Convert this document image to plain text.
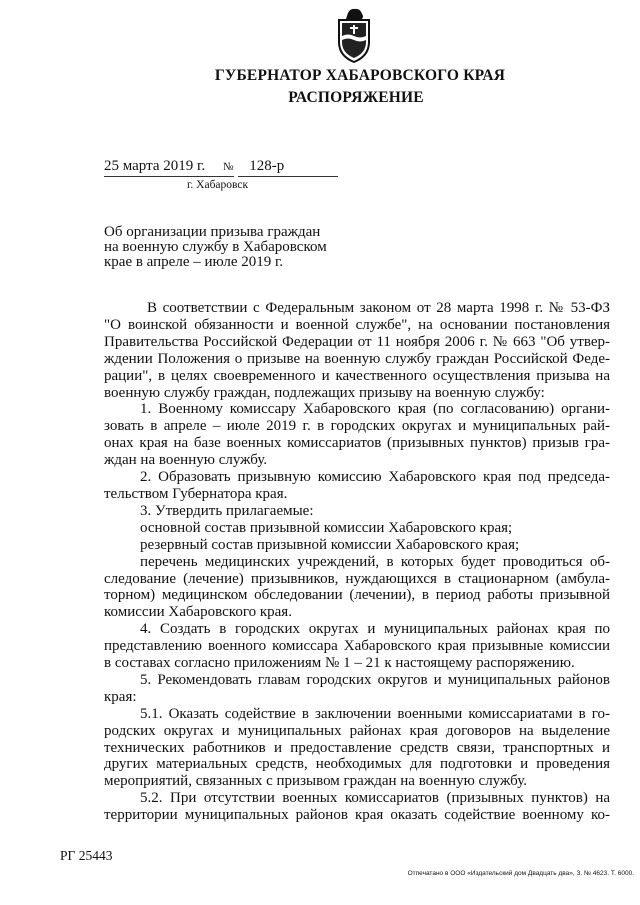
ГУБЕРНАТОР ХАБАРОВСКОГО КРАЯ
РАСПОРЯЖЕНИЕ
25 марта 2019 г. № 128-р
г. Хабаровск
Об организации призыва граждан
на военную службу в Хабаровском
крае в апреле – июле 2019 г.

В соответствии с Федеральным законом от 28 марта 1998 г. № 53-ФЗ
"О воинской обязанности и военной службе", на основании постановления
Правительства Российской Федерации от 11 ноября 2006 г. № 663 "Об утвер-
ждении Положения о призыве на военную службу граждан Российской Феде-
рации", в целях своевременного и качественного осуществления призыва на
военную службу граждан, подлежащих призыву на военную службу:

1. Военному комиссару Хабаровского края (по согласованию) органи-
зовать в апреле – июле 2019 г. в городских округах и муниципальных рай-
онах края на базе военных комиссариатов (призывных пунктов) призыв гра-
ждан на военную службу.

2. Образовать призывную комиссию Хабаровского края под председа-
тельством Губернатора края.

3. Утвердить прилагаемые:

основной состав призывной комиссии Хабаровского края;

резервный состав призывной комиссии Хабаровского края;

перечень медицинских учреждений, в которых будет проводиться об-
следование (лечение) призывников, нуждающихся в стационарном (амбула-
торном) медицинском обследовании (лечении), в период работы призывной
комиссии Хабаровского края.

4. Создать в городских округах и муниципальных районах края по
представлению военного комиссара Хабаровского края призывные комиссии
в составах согласно приложениям № 1 – 21 к настоящему распоряжению.

5. Рекомендовать главам городских округов и муниципальных районов
края:

5.1. Оказать содействие в заключении военными комиссариатами в го-
родских округах и муниципальных районах края договоров на выделение
технических работников и предоставление средств связи, транспортных и
других материальных средств, необходимых для подготовки и проведения
мероприятий, связанных с призывом граждан на военную службу.

5.2. При отсутствии военных комиссариатов (призывных пунктов) на
территории муниципальных районов края оказать содействие военному ко-

РГ 25443
Отпечатано в ООО «Издательский дом Двадцать два», З. № 4623. Т. 6000.
